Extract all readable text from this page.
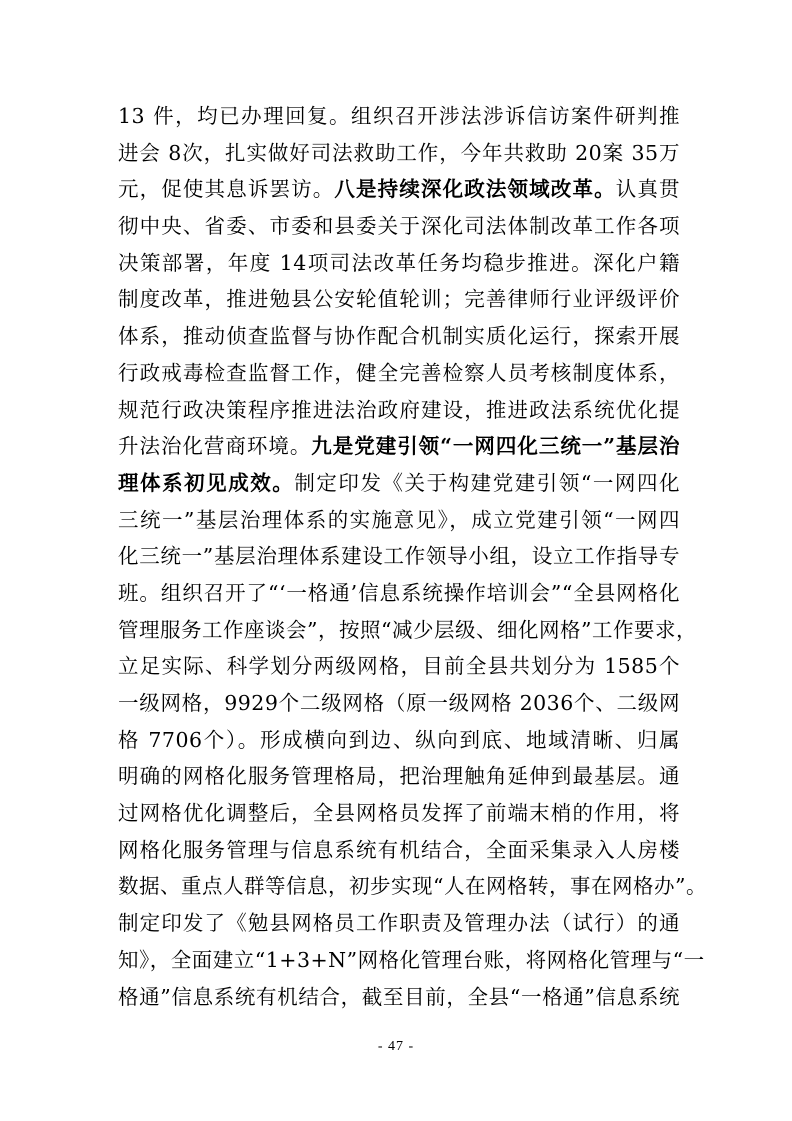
13 件，均已办理回复。组织召开涉法涉诉信访案件研判推
进会 8次，扎实做好司法救助工作，今年共救助 20案 35万
元，促使其息诉罢访。八是持续深化政法领域改革。认真贯
彻中央、省委、市委和县委关于深化司法体制改革工作各项
决策部署，年度 14项司法改革任务均稳步推进。深化户籍
制度改革，推进勉县公安轮值轮训；完善律师行业评级评价
体系，推动侦查监督与协作配合机制实质化运行，探索开展
行政戒毒检查监督工作，健全完善检察人员考核制度体系，
规范行政决策程序推进法治政府建设，推进政法系统优化提
升法治化营商环境。九是党建引领“一网四化三统一”基层治
理体系初见成效。制定印发《关于构建党建引领“一网四化
三统一”基层治理体系的实施意见》，成立党建引领“一网四
化三统一”基层治理体系建设工作领导小组，设立工作指导专
班。组织召开了“‘一格通’信息系统操作培训会”“全县网格化
管理服务工作座谈会”，按照“减少层级、细化网格”工作要求，
立足实际、科学划分两级网格，目前全县共划分为 1585个
一级网格，9929个二级网格（原一级网格 2036个、二级网
格 7706个）。形成横向到边、纵向到底、地域清晰、归属
明确的网格化服务管理格局，把治理触角延伸到最基层。通
过网格优化调整后，全县网格员发挥了前端末梢的作用，将
网格化服务管理与信息系统有机结合，全面采集录入人房楼
数据、重点人群等信息，初步实现“人在网格转，事在网格办”。
制定印发了《勉县网格员工作职责及管理办法（试行）的通
知》，全面建立“1+3+N”网格化管理台账，将网格化管理与“一
格通”信息系统有机结合，截至目前，全县“一格通”信息系统
- 47 -
